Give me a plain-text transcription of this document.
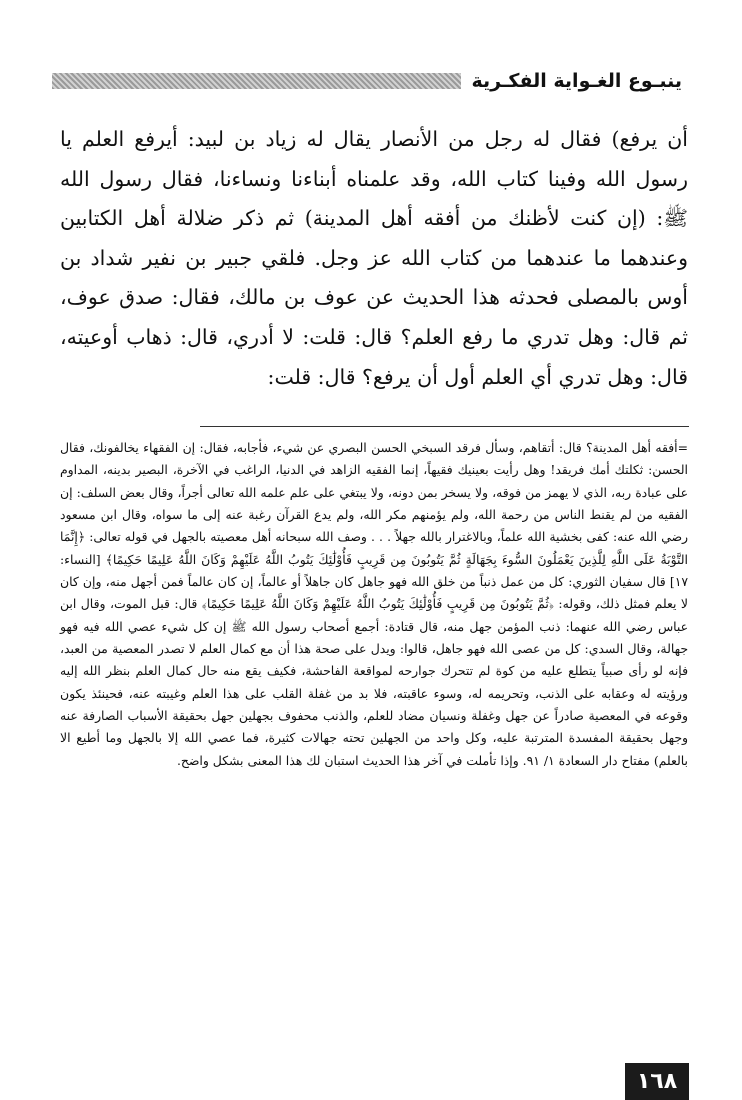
ينبـوع الغـواية الفكـرية

أن يرفع) فقال له رجل من الأنصار يقال له زياد بن لبيد: أيرفع العلم يا رسول الله وفينا كتاب الله، وقد علمناه أبناءنا ونساءنا، فقال رسول الله ﷺ: (إن كنت لأظنك من أفقه أهل المدينة) ثم ذكر ضلالة أهل الكتابين وعندهما ما عندهما من كتاب الله عز وجل. فلقي جبير بن نفير شداد بن أوس بالمصلى فحدثه هذا الحديث عن عوف بن مالك، فقال: صدق عوف، ثم قال: وهل تدري ما رفع العلم؟ قال: قلت: لا أدري، قال: ذهاب أوعيته، قال: وهل تدري أي العلم أول أن يرفع؟ قال: قلت:

=أفقه أهل المدينة؟ قال: أتقاهم، وسأل فرقد السبخي الحسن البصري عن شيء، فأجابه، فقال: إن الفقهاء يخالفونك، فقال الحسن: ثكلتك أمك فريقد! وهل رأيت بعينيك فقيهاً، إنما الفقيه الزاهد في الدنيا، الراغب في الآخرة، البصير بدينه، المداوم على عبادة ربه، الذي لا يهمز من فوقه، ولا يسخر بمن دونه، ولا يبتغي على علم علمه الله تعالى أجراً، وقال بعض السلف: إن الفقيه من لم يقنط الناس من رحمة الله، ولم يؤمنهم مكر الله، ولم يدع القرآن رغبة عنه إلى ما سواه، وقال ابن مسعود رضي الله عنه: كفى بخشية الله علماً، وبالاغترار بالله جهلاً . . . وصف الله سبحانه أهل معصيته بالجهل في قوله تعالى: ﴿إِنَّمَا التَّوْبَةُ عَلَى اللَّهِ لِلَّذِينَ يَعْمَلُونَ السُّوءَ بِجَهَالَةٍ ثُمَّ يَتُوبُونَ مِن قَرِيبٍ فَأُوْلَٰئِكَ يَتُوبُ اللَّهُ عَلَيْهِمْ وَكَانَ اللَّهُ عَلِيمًا حَكِيمًا﴾ [النساء: ١٧] قال سفيان الثوري: كل من عمل ذنباً من خلق الله فهو جاهل كان جاهلاً أو عالماً، إن كان عالماً فمن أجهل منه، وإن كان لا يعلم فمثل ذلك، وقوله: ﴿ثُمَّ يَتُوبُونَ مِن قَرِيبٍ فَأُوْلَٰئِكَ يَتُوبُ اللَّهُ عَلَيْهِمْ وَكَانَ اللَّهُ عَلِيمًا حَكِيمًا﴾ قال: قبل الموت، وقال ابن عباس رضي الله عنهما: ذنب المؤمن جهل منه، قال قتادة: أجمع أصحاب رسول الله ﷺ إن كل شيء عصي الله فيه فهو جهالة، وقال السدي: كل من عصى الله فهو جاهل، قالوا: ويدل على صحة هذا أن مع كمال العلم لا تصدر المعصية من العبد، فإنه لو رأى صبياً يتطلع عليه من كوة لم تتحرك جوارحه لمواقعة الفاحشة، فكيف يقع منه حال كمال العلم بنظر الله إليه ورؤيته له وعقابه على الذنب، وتحريمه له، وسوء عاقبته، فلا بد من غفلة القلب على هذا العلم وغيبته عنه، فحينئذ يكون وقوعه في المعصية صادراً عن جهل وغفلة ونسيان مضاد للعلم، والذنب محفوف بجهلين جهل بحقيقة الأسباب الصارفة عنه وجهل بحقيقة المفسدة المترتبة عليه، وكل واحد من الجهلين تحته جهالات كثيرة، فما عصي الله إلا بالجهل وما أطيع الا بالعلم) مفتاح دار السعادة ١/ ٩١. وإذا تأملت في آخر هذا الحديث استبان لك هذا المعنى بشكل واضح.

١٦٨
